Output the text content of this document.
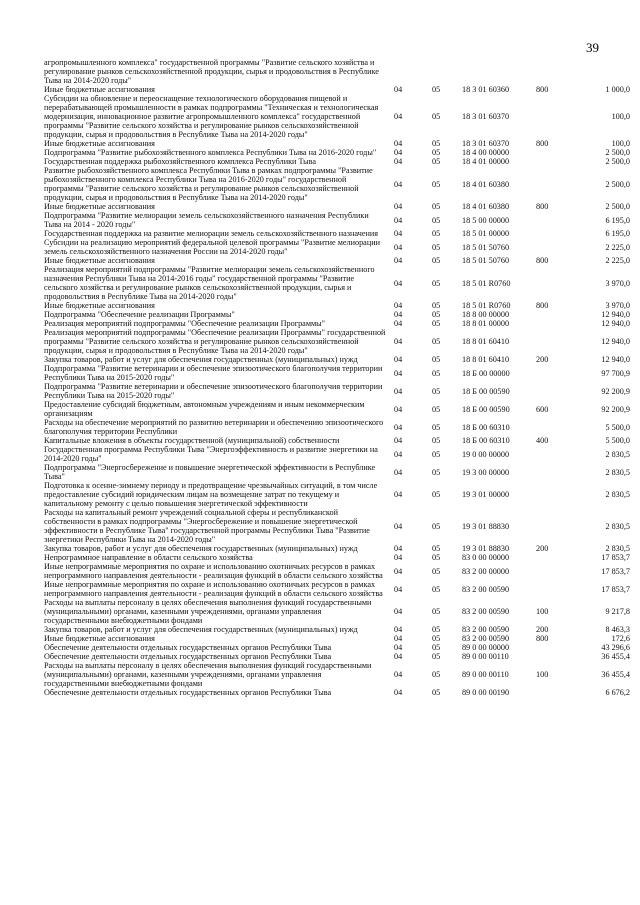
39
агропромышленного комплекса" государственной программы "Развитие сельского хозяйства и регулирование рынков сельскохозяйственной продукции, сырья и продовольствия в Республике Тыва на 2014-2020 годы"					
Иные бюджетные ассигнования	04	05	18 3 01 60360	800	1 000,0
Субсидии на обновление и переоснащение технологического оборудования пищевой и перерабатывающей промышленности в рамках подпрограммы "Техническая и технологическая модернизация, инновационное развитие агропромышленного комплекса" государственной программы "Развитие сельского хозяйства и регулирование рынков сельскохозяйственной продукции, сырья и продовольствия в Республике Тыва на 2014-2020 годы"	04	05	18 3 01 60370		100,0
Иные бюджетные ассигнования	04	05	18 3 01 60370	800	100,0
Подпрограмма "Развитие рыбохозяйственного комплекса Республики Тыва на 2016-2020 годы"	04	05	18 4 00 00000		2 500,0
Государственная поддержка рыбохозяйственного комплекса Республики Тыва	04	05	18 4 01 00000		2 500,0
Развитие рыбохозяйственного комплекса Республики Тыва в рамках подпрограммы "Развитие рыбохозяйственного комплекса Республики Тыва на 2016-2020 годы" государственной программы "Развитие сельского хозяйства и регулирование рынков сельскохозяйственной продукции, сырья и продовольствия в Республике Тыва на 2014-2020 годы"	04	05	18 4 01 60380		2 500,0
Иные бюджетные ассигнования	04	05	18 4 01 60380	800	2 500,0
Подпрограмма "Развитие мелиорации земель сельскохозяйственного назначения Республики Тыва на 2014 - 2020 годы"	04	05	18 5 00 00000		6 195,0
Государственная поддержка на развитие мелиорации земель сельскохозяйственного назначения	04	05	18 5 01 00000		6 195,0
Субсидии на реализацию мероприятий федеральной целевой программы "Развитие мелиорации земель сельскохозяйственного назначения России на 2014-2020 годы"	04	05	18 5 01 50760		2 225,0
Иные бюджетные ассигнования	04	05	18 5 01 50760	800	2 225,0
Реализация мероприятий подпрограммы "Развитие мелиорации земель сельскохозяйственного назначения Республики Тыва на 2014-2016 годы" государственной программы "Развитие сельского хозяйства и регулирование рынков сельскохозяйственной продукции, сырья и продовольствия в Республике Тыва на 2014-2020 годы"	04	05	18 5 01 R0760		3 970,0
Иные бюджетные ассигнования	04	05	18 5 01 R0760	800	3 970,0
Подпрограмма "Обеспечение реализации Программы"	04	05	18 8 00 00000		12 940,0
Реализация мероприятий подпрограммы "Обеспечение реализации Программы"	04	05	18 8 01 00000		12 940,0
Реализация мероприятий подпрограммы "Обеспечение реализации Программы" государственной программы "Развитие сельского хозяйства и регулирование рынков сельскохозяйственной продукции, сырья и продовольствия в Республике Тыва на 2014-2020 годы"	04	05	18 8 01 60410		12 940,0
Закупка товаров, работ и услуг для обеспечения государственных (муниципальных) нужд	04	05	18 8 01 60410	200	12 940,0
Подпрограмма "Развитие ветеринарии и обеспечение эпизоотического благополучия территории Республики Тыва на 2015-2020 годы"	04	05	18 Б 00 00000		97 700,9
Подпрограмма "Развитие ветеринарии и обеспечение эпизоотического благополучия территории Республики Тыва на 2015-2020 годы"	04	05	18 Б 00 00590		92 200,9
Предоставление субсидий бюджетным, автономным учреждениям и иным некоммерческим организациям	04	05	18 Б 00 00590	600	92 200,9
Расходы на обеспечение мероприятий по развитию ветеринарии и обеспечению эпизоотического благополучия территории Республики	04	05	18 Б 00 60310		5 500,0
Капитальные вложения в объекты государственной (муниципальной) собственности	04	05	18 Б 00 60310	400	5 500,0
Государственная программа Республики Тыва "Энергоэффективность и развитие энергетики на 2014-2020 годы"	04	05	19 0 00 00000		2 830,5
Подпрограмма "Энергосбережение и повышение энергетической эффективности в Республике Тыва"	04	05	19 3 00 00000		2 830,5
Подготовка к осенне-зимнему периоду и предотвращение чрезвычайных ситуаций, в том числе предоставление субсидий юридическим лицам на возмещение затрат по текущему и капитальному ремонту с целью повышения энергетической эффективности	04	05	19 3 01 00000		2 830,5
Расходы на капитальный ремонт учреждений социальной сферы и республиканской собственности в рамках подпрограммы "Энергосбережение и повышение энергетической эффективности в Республике Тыва" государственной программы Республики Тыва "Развитие энергетики Республики Тыва на 2014-2020 годы"	04	05	19 3 01 88830		2 830,5
Закупка товаров, работ и услуг для обеспечения государственных (муниципальных) нужд	04	05	19 3 01 88830	200	2 830,5
Непрограммное направление в области сельского хозяйства	04	05	83 0 00 00000		17 853,7
Иные непрограммные мероприятия по охране и использованию охотничьих ресурсов в рамках непрограммного направления деятельности - реализация функций в области сельского хозяйства	04	05	83 2 00 00000		17 853,7
Иные непрограммные мероприятия по охране и использованию охотничьих ресурсов в рамках непрограммного направления деятельности - реализация функций в области сельского хозяйства	04	05	83 2 00 00590		17 853,7
Расходы на выплаты персоналу в целях обеспечения выполнения функций государственными (муниципальными) органами, казенными учреждениями, органами управления государственными внебюджетными фондами	04	05	83 2 00 00590	100	9 217,8
Закупка товаров, работ и услуг для обеспечения государственных (муниципальных) нужд	04	05	83 2 00 00590	200	8 463,3
Иные бюджетные ассигнования	04	05	83 2 00 00590	800	172,6
Обеспечение деятельности отдельных государственных органов Республики Тыва	04	05	89 0 00 00000		43 296,6
Обеспечение деятельности отдельных государственных органов Республики Тыва	04	05	89 0 00 00110		36 455,4
Расходы на выплаты персоналу в целях обеспечения выполнения функций государственными (муниципальными) органами, казенными учреждениями, органами управления государственными внебюджетными фондами	04	05	89 0 00 00110	100	36 455,4
Обеспечение деятельности отдельных государственных органов Республики Тыва	04	05	89 0 00 00190		6 676,2
